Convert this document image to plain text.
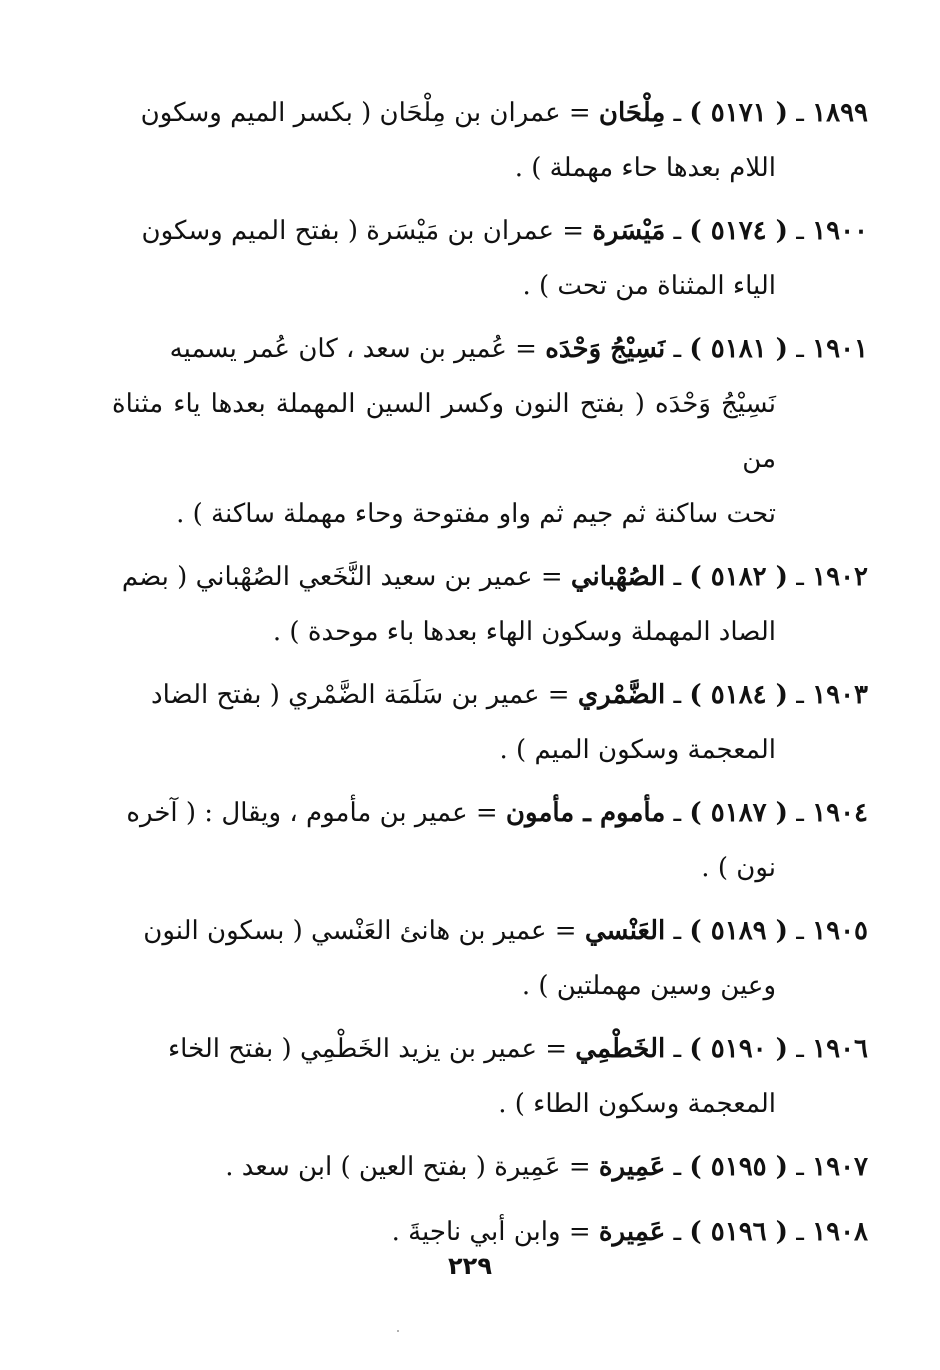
١٨٩٩ ـ ( ٥١٧١ ) ـ مِلْحَان = عمران بن مِلْحَان ( بكسر الميم وسكون
اللام بعدها حاء مهملة ) .
١٩٠٠ ـ ( ٥١٧٤ ) ـ مَيْسَرة = عمران بن مَيْسَرة ( بفتح الميم وسكون
الياء المثناة من تحت ) .
١٩٠١ ـ ( ٥١٨١ ) ـ نَسِيْجُ وَحْدَه = عُمير بن سعد ، كان عُمر يسميه
نَسِيْجُ وَحْدَه ( بفتح النون وكسر السين المهملة بعدها ياء مثناة من
تحت ساكنة ثم جيم ثم واو مفتوحة وحاء مهملة ساكنة ) .
١٩٠٢ ـ ( ٥١٨٢ ) ـ الصُهْباني = عمير بن سعيد النَّخَعي الصُهْباني ( بضم
الصاد المهملة وسكون الهاء بعدها باء موحدة ) .
١٩٠٣ ـ ( ٥١٨٤ ) ـ الضَّمْري = عمير بن سَلَمَة الضَّمْري ( بفتح الضاد
المعجمة وسكون الميم ) .
١٩٠٤ ـ ( ٥١٨٧ ) ـ مأموم ـ مأمون = عمير بن مأموم ، ويقال : ( آخره
نون ) .
١٩٠٥ ـ ( ٥١٨٩ ) ـ العَنْسي = عمير بن هانئ العَنْسي ( بسكون النون
وعين وسين مهملتين ) .
١٩٠٦ ـ ( ٥١٩٠ ) ـ الخَطْمِي = عمير بن يزيد الخَطْمِي ( بفتح الخاء
المعجمة وسكون الطاء ) .
١٩٠٧ ـ ( ٥١٩٥ ) ـ عَمِيرة = عَمِيرة ( بفتح العين ) ابن سعد .
١٩٠٨ ـ ( ٥١٩٦ ) ـ عَمِيرة = وابن أبي ناجيةَ .
٢٢٩
